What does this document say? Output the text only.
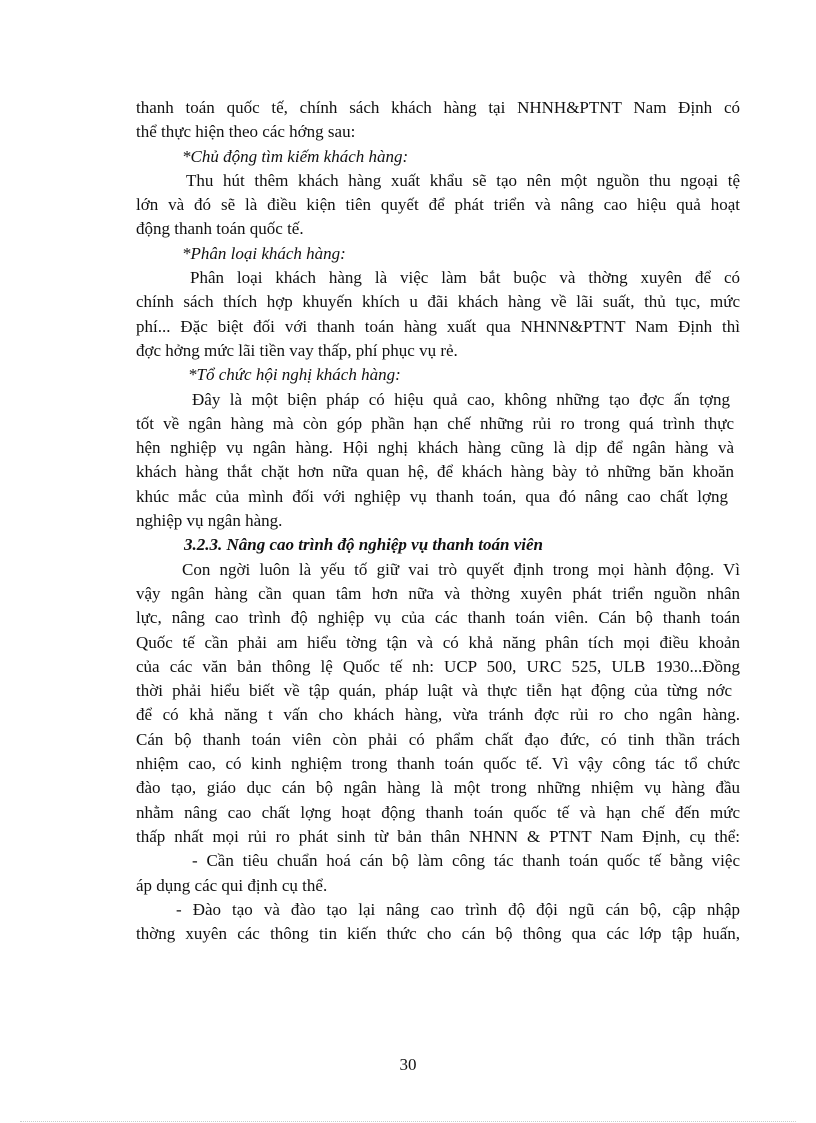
thanh toán quốc tế, chính sách khách hàng tại NHNH&PTNT Nam Định có
thể thực hiện theo các hớng sau:
*Chủ động tìm kiếm khách hàng:
Thu hút thêm khách hàng xuất khẩu sẽ tạo nên một nguồn thu ngoại tệ
lớn và đó sẽ là điều kiện tiên quyết để phát triển và nâng cao hiệu quả hoạt
động thanh toán quốc tế.
*Phân loại khách hàng:
Phân loại khách hàng là việc làm bắt buộc và thờng xuyên để có
chính sách thích hợp khuyến khích u đãi khách hàng về lãi suất, thủ tục, mức
phí... Đặc biệt đối với thanh toán hàng xuất qua NHNN&PTNT Nam Định thì
đợc hởng mức lãi tiền vay thấp, phí phục vụ rẻ.
*Tổ chức hội nghị khách hàng:
Đây là một biện pháp có hiệu quả cao, không những tạo đợc ấn tợng
tốt về ngân hàng mà còn góp phần hạn chế những rủi ro trong quá trình thực
hện nghiệp vụ ngân hàng. Hội nghị khách hàng cũng là dịp để ngân hàng và
khách hàng thắt chặt hơn nữa quan hệ, để khách hàng bày tỏ những băn khoăn
khúc mắc của mình đối với nghiệp vụ thanh toán, qua đó nâng cao chất lợng
nghiệp vụ ngân hàng.
3.2.3. Nâng cao trình độ nghiệp vụ thanh toán viên
Con ngời luôn là yếu tố giữ vai trò quyết định trong mọi hành động. Vì
vậy ngân hàng cần quan tâm hơn nữa và thờng xuyên phát triển nguồn nhân
lực, nâng cao trình độ nghiệp vụ của các thanh toán viên. Cán bộ thanh toán
Quốc tế cần phải am hiểu tờng tận và có khả năng phân tích mọi điều khoản
của các văn bản thông lệ Quốc tế nh: UCP 500, URC 525, ULB 1930...Đồng
thời phải hiểu biết về tập quán, pháp luật và thực tiễn hạt động của từng nớc
để có khả năng t vấn cho khách hàng, vừa tránh đợc rủi ro cho ngân hàng.
Cán bộ thanh toán viên còn phải có phẩm chất đạo đức, có tinh thần trách
nhiệm cao, có kinh nghiệm trong thanh toán quốc tế. Vì vậy công tác tổ chức
đào tạo, giáo dục cán bộ ngân hàng là một trong những nhiệm vụ hàng đầu
nhằm nâng cao chất lợng hoạt động thanh toán quốc tế và hạn chế đến mức
thấp nhất mọi rủi ro phát sinh từ bản thân NHNN & PTNT Nam Định, cụ thể:
- Cần tiêu chuẩn hoá cán bộ làm công tác thanh toán quốc tế bằng việc
áp dụng các qui định cụ thể.
- Đào tạo và đào tạo lại nâng cao trình độ đội ngũ cán bộ, cập nhập
thờng xuyên các thông tin kiến thức cho cán bộ thông qua các lớp tập huấn,
30
